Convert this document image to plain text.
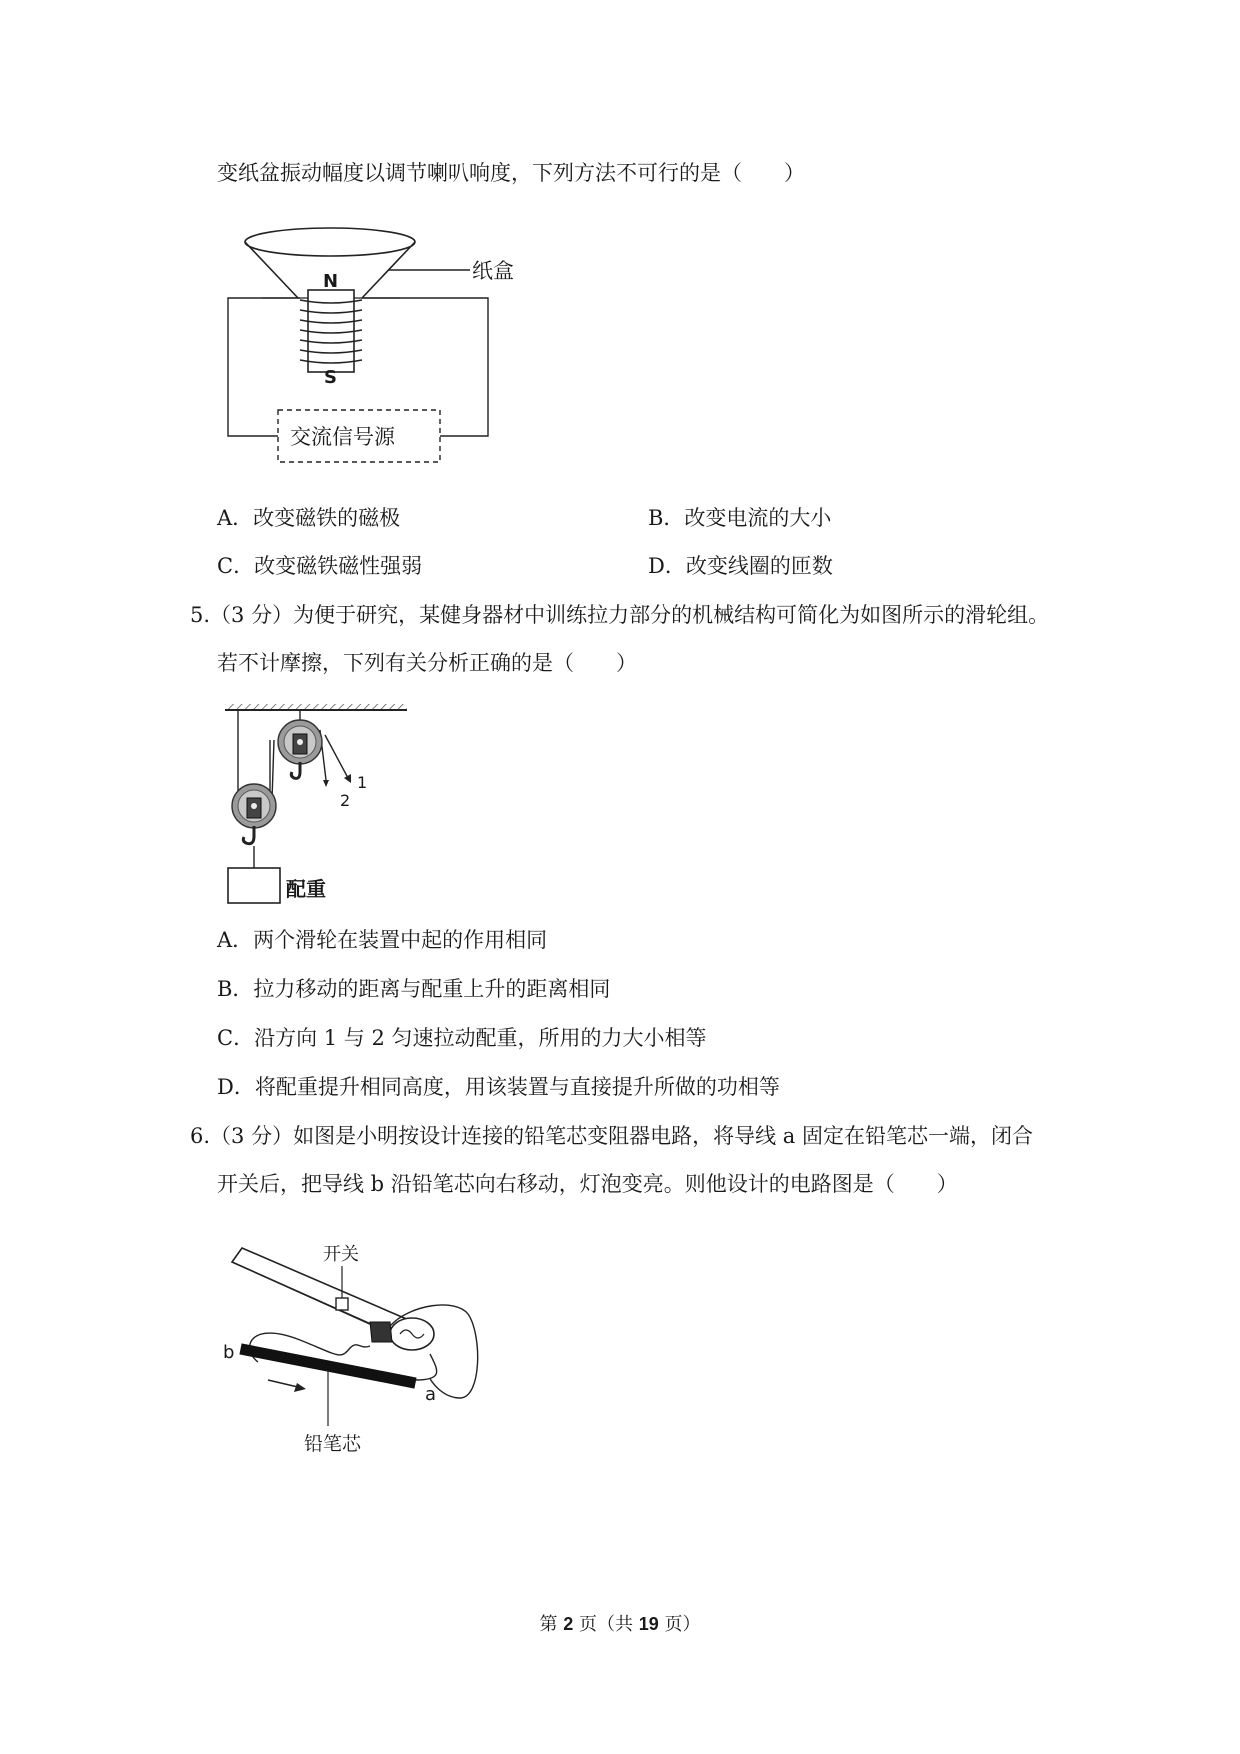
变纸盆振动幅度以调节喇叭响度，下列方法不可行的是（　　）
纸盒
N
S
交流信号源
A．改变磁铁的磁极	B．改变电流的大小
C．改变磁铁磁性强弱	D．改变线圈的匝数
5.（3 分）为便于研究，某健身器材中训练拉力部分的机械结构可简化为如图所示的滑轮组。
若不计摩擦，下列有关分析正确的是（　　）
1
2
配重
A．两个滑轮在装置中起的作用相同
B．拉力移动的距离与配重上升的距离相同
C．沿方向 1 与 2 匀速拉动配重，所用的力大小相等
D．将配重提升相同高度，用该装置与直接提升所做的功相等
6.（3 分）如图是小明按设计连接的铅笔芯变阻器电路，将导线 a 固定在铅笔芯一端，闭合
开关后，把导线 b 沿铅笔芯向右移动，灯泡变亮。则他设计的电路图是（　　）
开关
b
a
铅笔芯
第 2 页（共 19 页）
